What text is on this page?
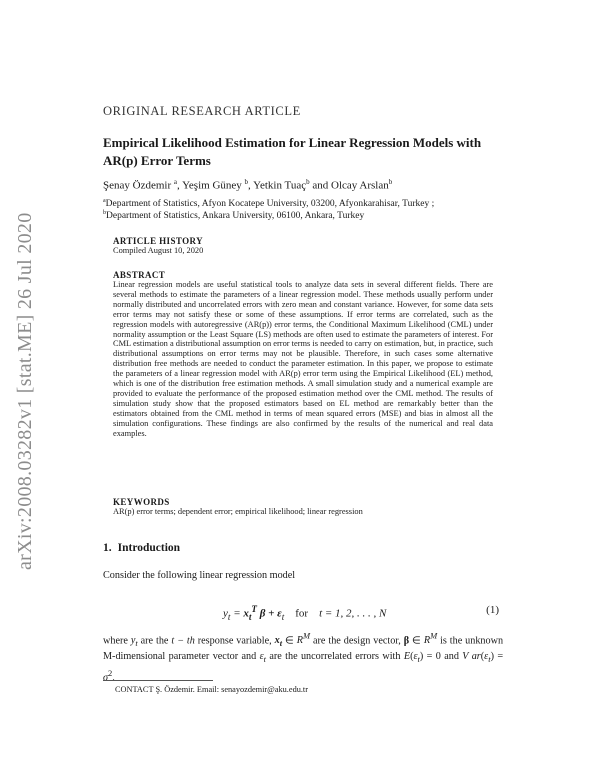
arXiv:2008.03282v1 [stat.ME] 26 Jul 2020
ORIGINAL RESEARCH ARTICLE
Empirical Likelihood Estimation for Linear Regression Models with AR(p) Error Terms
Şenay Özdemir $^a$, Yeşim Güney $^b$, Yetkin Tuaç$^b$ and Olcay Arslan$^b$
$^a$Department of Statistics, Afyon Kocatepe University, 03200, Afyonkarahisar, Turkey ;
$^b$Department of Statistics, Ankara University, 06100, Ankara, Turkey
ARTICLE HISTORY
Compiled August 10, 2020
ABSTRACT
Linear regression models are useful statistical tools to analyze data sets in several different fields. There are several methods to estimate the parameters of a linear regression model. These methods usually perform under normally distributed and uncorrelated errors with zero mean and constant variance. However, for some data sets error terms may not satisfy these or some of these assumptions. If error terms are correlated, such as the regression models with autoregressive (AR(p)) error terms, the Conditional Maximum Likelihood (CML) under normality assumption or the Least Square (LS) methods are often used to estimate the parameters of interest. For CML estimation a distributional assumption on error terms is needed to carry on estimation, but, in practice, such distributional assumptions on error terms may not be plausible. Therefore, in such cases some alternative distribution free methods are needed to conduct the parameter estimation. In this paper, we propose to estimate the parameters of a linear regression model with AR(p) error term using the Empirical Likelihood (EL) method, which is one of the distribution free estimation methods. A small simulation study and a numerical example are provided to evaluate the performance of the proposed estimation method over the CML method. The results of simulation study show that the proposed estimators based on EL method are remarkably better than the estimators obtained from the CML method in terms of mean squared errors (MSE) and bias in almost all the simulation configurations. These findings are also confirmed by the results of the numerical and real data examples.
KEYWORDS
AR(p) error terms; dependent error; empirical likelihood; linear regression
1. Introduction
Consider the following linear regression model
$y_t = x_t^T$ $\beta + \varepsilon_t$ for t = 1, 2, . . . , N	(1)
where $y_t$ are the t − th response variable, $x_t$ ∈ $R^M$ are the design vector, β ∈ $R^M$ is the unknown M-dimensional parameter vector and $\varepsilon_t$ are the uncorrelated errors with $E(\varepsilon_t) = 0$ and V $ar(\varepsilon_t) = \sigma^2$.
CONTACT Ş. Özdemir. Email: senayozdemir@aku.edu.tr
